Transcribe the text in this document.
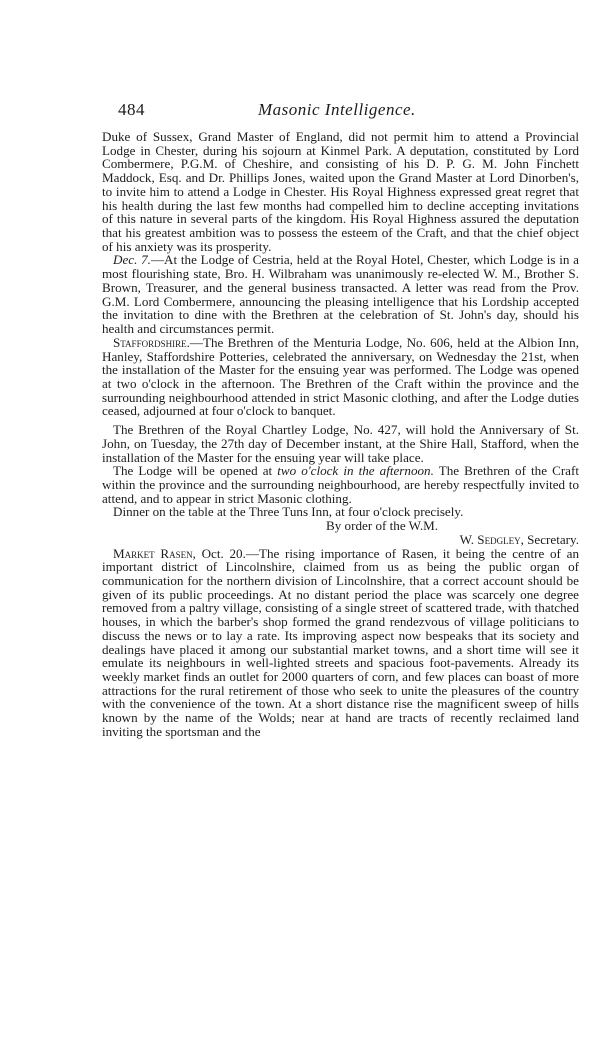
484	Masonic Intelligence.

Duke of Sussex, Grand Master of England, did not permit him to attend a Provincial Lodge in Chester, during his sojourn at Kinmel Park. A deputation, constituted by Lord Combermere, P.G.M. of Cheshire, and consisting of his D. P. G. M. John Finchett Maddock, Esq. and Dr. Phillips Jones, waited upon the Grand Master at Lord Dinorben's, to invite him to attend a Lodge in Chester. His Royal Highness expressed great regret that his health during the last few months had compelled him to decline accepting invitations of this nature in several parts of the kingdom. His Royal Highness assured the deputation that his greatest ambition was to possess the esteem of the Craft, and that the chief object of his anxiety was its prosperity.

Dec. 7.—At the Lodge of Cestria, held at the Royal Hotel, Chester, which Lodge is in a most flourishing state, Bro. H. Wilbraham was unanimously re-elected W. M., Brother S. Brown, Treasurer, and the general business transacted. A letter was read from the Prov. G.M. Lord Combermere, announcing the pleasing intelligence that his Lordship accepted the invitation to dine with the Brethren at the celebration of St. John's day, should his health and circumstances permit.

Staffordshire.—The Brethren of the Menturia Lodge, No. 606, held at the Albion Inn, Hanley, Staffordshire Potteries, celebrated the anniversary, on Wednesday the 21st, when the installation of the Master for the ensuing year was performed. The Lodge was opened at two o'clock in the afternoon. The Brethren of the Craft within the province and the surrounding neighbourhood attended in strict Masonic clothing, and after the Lodge duties ceased, adjourned at four o'clock to banquet.

The Brethren of the Royal Chartley Lodge, No. 427, will hold the Anniversary of St. John, on Tuesday, the 27th day of December instant, at the Shire Hall, Stafford, when the installation of the Master for the ensuing year will take place.

The Lodge will be opened at two o'clock in the afternoon. The Brethren of the Craft within the province and the surrounding neighbourhood, are hereby respectfully invited to attend, and to appear in strict Masonic clothing.

Dinner on the table at the Three Tuns Inn, at four o'clock precisely.

By order of the W.M.

W. Sedgley, Secretary.

Market Rasen, Oct. 20.—The rising importance of Rasen, it being the centre of an important district of Lincolnshire, claimed from us as being the public organ of communication for the northern division of Lincolnshire, that a correct account should be given of its public proceedings. At no distant period the place was scarcely one degree removed from a paltry village, consisting of a single street of scattered trade, with thatched houses, in which the barber's shop formed the grand rendezvous of village politicians to discuss the news or to lay a rate. Its improving aspect now bespeaks that its society and dealings have placed it among our substantial market towns, and a short time will see it emulate its neighbours in well-lighted streets and spacious foot-pavements. Already its weekly market finds an outlet for 2000 quarters of corn, and few places can boast of more attractions for the rural retirement of those who seek to unite the pleasures of the country with the convenience of the town. At a short distance rise the magnificent sweep of hills known by the name of the Wolds; near at hand are tracts of recently reclaimed land inviting the sportsman and the
